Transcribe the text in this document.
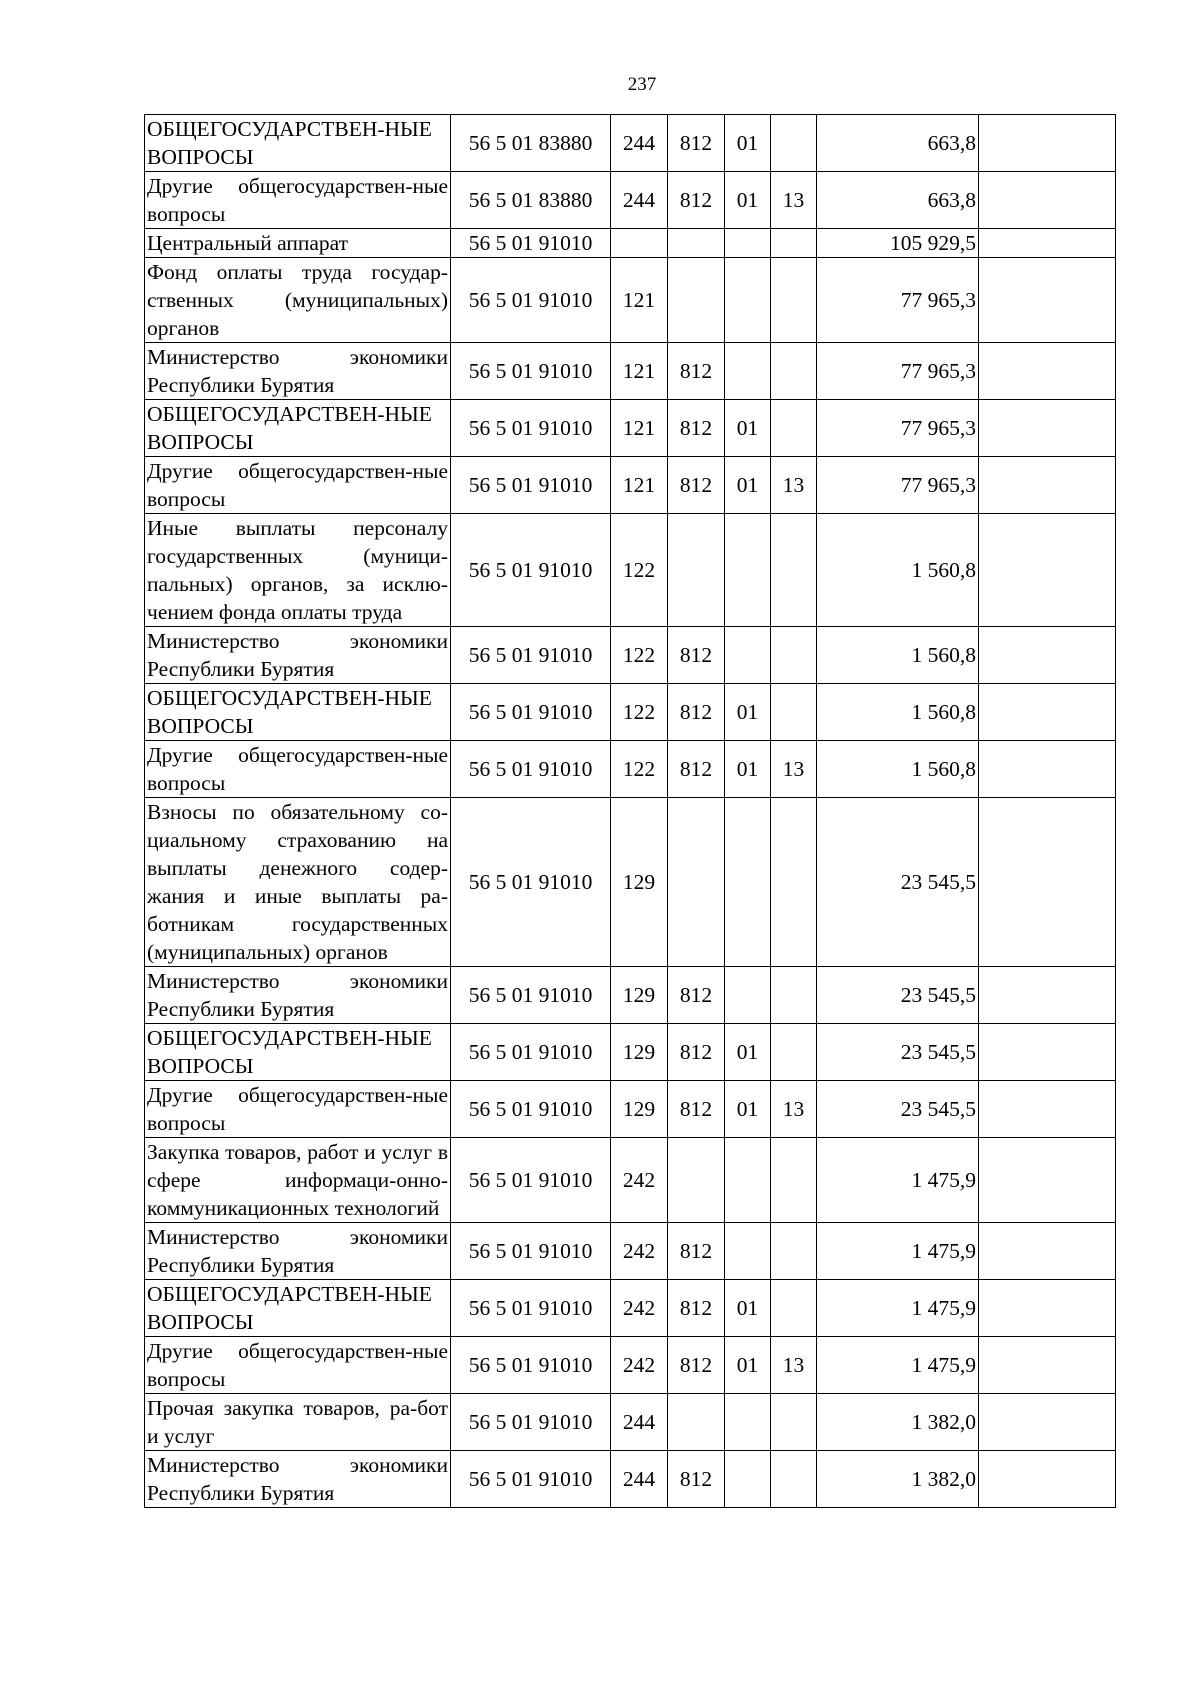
237
ОБЩЕГОСУДАРСТВЕН-НЫЕ ВОПРОСЫ	56 5 01 83880	244	812	01		663,8	
Другие общегосударствен-ные вопросы	56 5 01 83880	244	812	01	13	663,8	
Центральный аппарат	56 5 01 91010					105 929,5	
Фонд оплаты труда государ-ственных (муниципальных) органов	56 5 01 91010	121				77 965,3	
Министерство экономики Республики Бурятия	56 5 01 91010	121	812			77 965,3	
ОБЩЕГОСУДАРСТВЕН-НЫЕ ВОПРОСЫ	56 5 01 91010	121	812	01		77 965,3	
Другие общегосударствен-ные вопросы	56 5 01 91010	121	812	01	13	77 965,3	
Иные выплаты персоналу государственных (муници-пальных) органов, за исклю-чением фонда оплаты труда	56 5 01 91010	122				1 560,8	
Министерство экономики Республики Бурятия	56 5 01 91010	122	812			1 560,8	
ОБЩЕГОСУДАРСТВЕН-НЫЕ ВОПРОСЫ	56 5 01 91010	122	812	01		1 560,8	
Другие общегосударствен-ные вопросы	56 5 01 91010	122	812	01	13	1 560,8	
Взносы по обязательному со-циальному страхованию на выплаты денежного содер-жания и иные выплаты ра-ботникам государственных (муниципальных) органов	56 5 01 91010	129				23 545,5	
Министерство экономики Республики Бурятия	56 5 01 91010	129	812			23 545,5	
ОБЩЕГОСУДАРСТВЕН-НЫЕ ВОПРОСЫ	56 5 01 91010	129	812	01		23 545,5	
Другие общегосударствен-ные вопросы	56 5 01 91010	129	812	01	13	23 545,5	
Закупка товаров, работ и услуг в сфере информаци-онно-коммуникационных технологий	56 5 01 91010	242				1 475,9	
Министерство экономики Республики Бурятия	56 5 01 91010	242	812			1 475,9	
ОБЩЕГОСУДАРСТВЕН-НЫЕ ВОПРОСЫ	56 5 01 91010	242	812	01		1 475,9	
Другие общегосударствен-ные вопросы	56 5 01 91010	242	812	01	13	1 475,9	
Прочая закупка товаров, ра-бот и услуг	56 5 01 91010	244				1 382,0	
Министерство экономики Республики Бурятия	56 5 01 91010	244	812			1 382,0	
